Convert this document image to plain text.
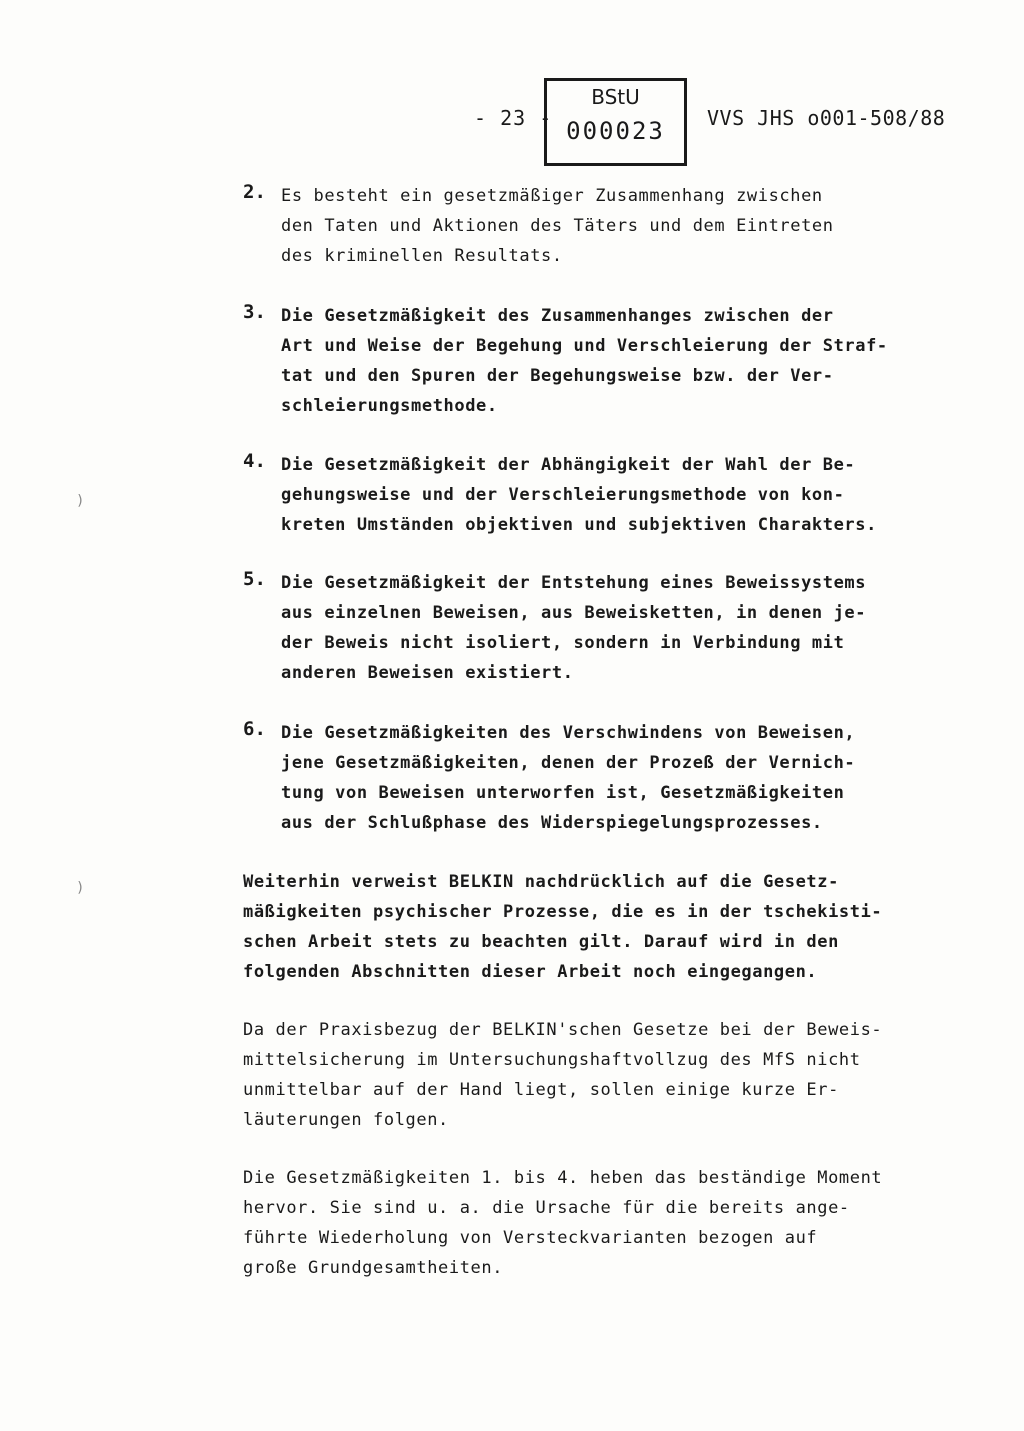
- 23 -
BStU
000023	VVS JHS o001-508/88
2. Es besteht ein gesetzmäßiger Zusammenhang zwischen
den Taten und Aktionen des Täters und dem Eintreten
des kriminellen Resultats.
3. Die Gesetzmäßigkeit des Zusammenhanges zwischen der
Art und Weise der Begehung und Verschleierung der Straf-
tat und den Spuren der Begehungsweise bzw. der Ver-
schleierungsmethode.
4. Die Gesetzmäßigkeit der Abhängigkeit der Wahl der Be-
gehungsweise und der Verschleierungsmethode von kon-
kreten Umständen objektiven und subjektiven Charakters.
5. Die Gesetzmäßigkeit der Entstehung eines Beweissystems
aus einzelnen Beweisen, aus Beweisketten, in denen je-
der Beweis nicht isoliert, sondern in Verbindung mit
anderen Beweisen existiert.
6. Die Gesetzmäßigkeiten des Verschwindens von Beweisen,
jene Gesetzmäßigkeiten, denen der Prozeß der Vernich-
tung von Beweisen unterworfen ist, Gesetzmäßigkeiten
aus der Schlußphase des Widerspiegelungsprozesses.
Weiterhin verweist BELKIN nachdrücklich auf die Gesetz-
mäßigkeiten psychischer Prozesse, die es in der tschekisti-
schen Arbeit stets zu beachten gilt. Darauf wird in den
folgenden Abschnitten dieser Arbeit noch eingegangen.
Da der Praxisbezug der BELKIN'schen Gesetze bei der Beweis-
mittelsicherung im Untersuchungshaftvollzug des MfS nicht
unmittelbar auf der Hand liegt, sollen einige kurze Er-
läuterungen folgen.
Die Gesetzmäßigkeiten 1. bis 4. heben das beständige Moment
hervor. Sie sind u. a. die Ursache für die bereits ange-
führte Wiederholung von Versteckvarianten bezogen auf
große Grundgesamtheiten.
)
)
